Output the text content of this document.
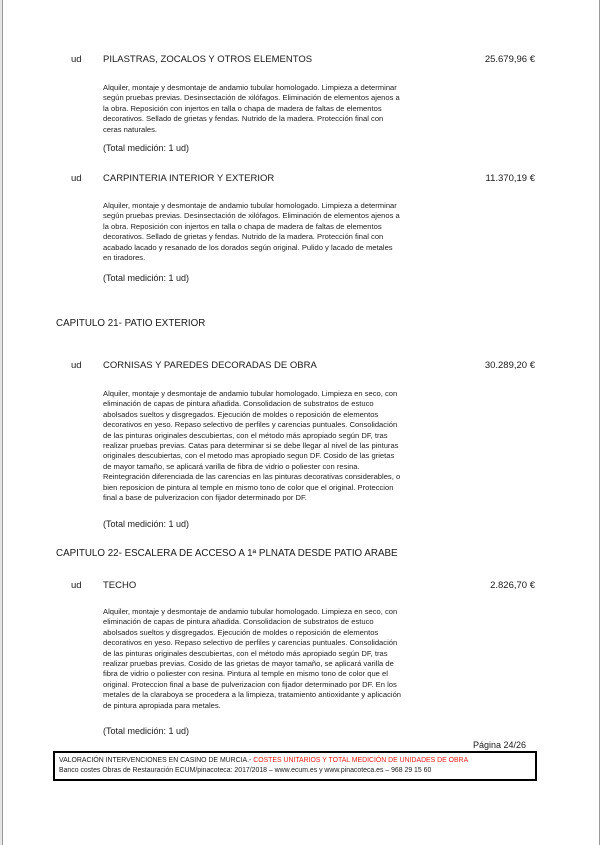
ud PILASTRAS, ZOCALOS Y OTROS ELEMENTOS	25.679,96 €
Alquiler, montaje y desmontaje de andamio tubular homologado. Limpieza a determinar
según pruebas previas. Desinsectación de xilófagos. Eliminación de elementos ajenos a
la obra. Reposición con injertos en talla o chapa de madera de faltas de elementos
decorativos. Sellado de grietas y fendas. Nutrido de la madera. Protección final con
ceras naturales.
(Total medición: 1 ud)
ud CARPINTERIA INTERIOR Y EXTERIOR	11.370,19 €
Alquiler, montaje y desmontaje de andamio tubular homologado. Limpieza a determinar
según pruebas previas. Desinsectación de xilófagos. Eliminación de elementos ajenos a
la obra. Reposición con injertos en talla o chapa de madera de faltas de elementos
decorativos. Sellado de grietas y fendas. Nutrido de la madera. Protección final con
acabado lacado y resanado de los dorados según original. Pulido y lacado de metales
en tiradores.
(Total medición: 1 ud)
CAPITULO 21- PATIO EXTERIOR
ud CORNISAS Y PAREDES DECORADAS DE OBRA	30.289,20 €
Alquiler, montaje y desmontaje de andamio tubular homologado. Limpieza en seco, con
eliminación de capas de pintura añadida. Consolidacion de substratos de estuco
abolsados sueltos y disgregados. Ejecución de moldes o reposición de elementos
decorativos en yeso. Repaso selectivo de perfiles y carencias puntuales. Consolidación
de las pinturas originales descubiertas, con el método más apropiado según DF, tras
realizar pruebas previas. Catas para determinar si se debe llegar al nivel de las pinturas
originales descubiertas, con el metodo mas apropiado segun DF. Cosido de las grietas
de mayor tamaño, se aplicará varilla de fibra de vidrio o poliester con resina.
Reintegración diferenciada de las carencias en las pinturas decorativas considerables, o
bien reposicion de pintura al temple en mismo tono de color que el original. Proteccion
final a base de pulverizacion con fijador determinado por DF.
(Total medición: 1 ud)
CAPITULO 22- ESCALERA DE ACCESO A 1ª PLNATA DESDE PATIO ARABE
ud TECHO	2.826,70 €
Alquiler, montaje y desmontaje de andamio tubular homologado. Limpieza en seco, con
eliminación de capas de pintura añadida. Consolidacion de substratos de estuco
abolsados sueltos y disgregados. Ejecución de moldes o reposición de elementos
decorativos en yeso. Repaso selectivo de perfiles y carencias puntuales. Consolidación
de las pinturas originales descubiertas, con el método más apropiado según DF, tras
realizar pruebas previas. Cosido de las grietas de mayor tamaño, se aplicará varilla de
fibra de vidrio o poliester con resina. Pintura al temple en mismo tono de color que el
original. Proteccion final a base de pulverizacion con fijador determinado por DF. En los
metales de la claraboya se procedera a la limpieza, tratamiento antioxidante y aplicación
de pintura apropiada para metales.
(Total medición: 1 ud)
Página 24/26
VALORACIÓN INTERVENCIONES EN CASINO DE MURCIA.- COSTES UNITARIOS Y TOTAL MEDICIÓN DE UNIDADES DE OBRA
Banco costes Obras de Restauración ECUM/pinacoteca: 2017/2018 – www.ecum.es y www.pinacoteca.es – 968 29 15 60
